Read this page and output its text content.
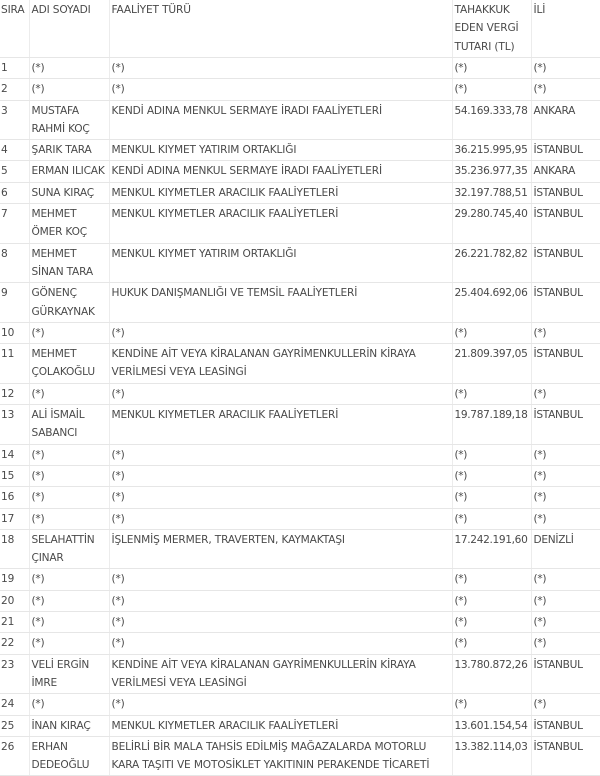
SIRA	ADI SOYADI	FAALİYET TÜRÜ	TAHAKKUK EDEN VERGİ TUTARI (TL)	İLİ
1	(*)	(*)	(*)	(*)
2	(*)	(*)	(*)	(*)
3	MUSTAFA RAHMİ KOÇ	KENDİ ADINA MENKUL SERMAYE İRADI FAALİYETLERİ	54.169.333,78	ANKARA
4	ŞARIK TARA	MENKUL KIYMET YATIRIM ORTAKLIĞI	36.215.995,95	İSTANBUL
5	ERMAN ILICAK	KENDİ ADINA MENKUL SERMAYE İRADI FAALİYETLERİ	35.236.977,35	ANKARA
6	SUNA KIRAÇ	MENKUL KIYMETLER ARACILIK FAALİYETLERİ	32.197.788,51	İSTANBUL
7	MEHMET ÖMER KOÇ	MENKUL KIYMETLER ARACILIK FAALİYETLERİ	29.280.745,40	İSTANBUL
8	MEHMET SİNAN TARA	MENKUL KIYMET YATIRIM ORTAKLIĞI	26.221.782,82	İSTANBUL
9	GÖNENÇ GÜRKAYNAK	HUKUK DANIŞMANLIĞI VE TEMSİL FAALİYETLERİ	25.404.692,06	İSTANBUL
10	(*)	(*)	(*)	(*)
11	MEHMET ÇOLAKOĞLU	KENDİNE AİT VEYA KİRALANAN GAYRİMENKULLERİN KİRAYA VERİLMESİ VEYA LEASİNGİ	21.809.397,05	İSTANBUL
12	(*)	(*)	(*)	(*)
13	ALİ İSMAİL SABANCI	MENKUL KIYMETLER ARACILIK FAALİYETLERİ	19.787.189,18	İSTANBUL
14	(*)	(*)	(*)	(*)
15	(*)	(*)	(*)	(*)
16	(*)	(*)	(*)	(*)
17	(*)	(*)	(*)	(*)
18	SELAHATTİN ÇINAR	İŞLENMİŞ MERMER, TRAVERTEN, KAYMAKTAŞI	17.242.191,60	DENİZLİ
19	(*)	(*)	(*)	(*)
20	(*)	(*)	(*)	(*)
21	(*)	(*)	(*)	(*)
22	(*)	(*)	(*)	(*)
23	VELİ ERGİN İMRE	KENDİNE AİT VEYA KİRALANAN GAYRİMENKULLERİN KİRAYA VERİLMESİ VEYA LEASİNGİ	13.780.872,26	İSTANBUL
24	(*)	(*)	(*)	(*)
25	İNAN KIRAÇ	MENKUL KIYMETLER ARACILIK FAALİYETLERİ	13.601.154,54	İSTANBUL
26	ERHAN DEDEOĞLU	BELİRLİ BİR MALA TAHSİS EDİLMİŞ MAĞAZALARDA MOTORLU KARA TAŞITI VE MOTOSİKLET YAKITININ PERAKENDE TİCARETİ	13.382.114,03	İSTANBUL
